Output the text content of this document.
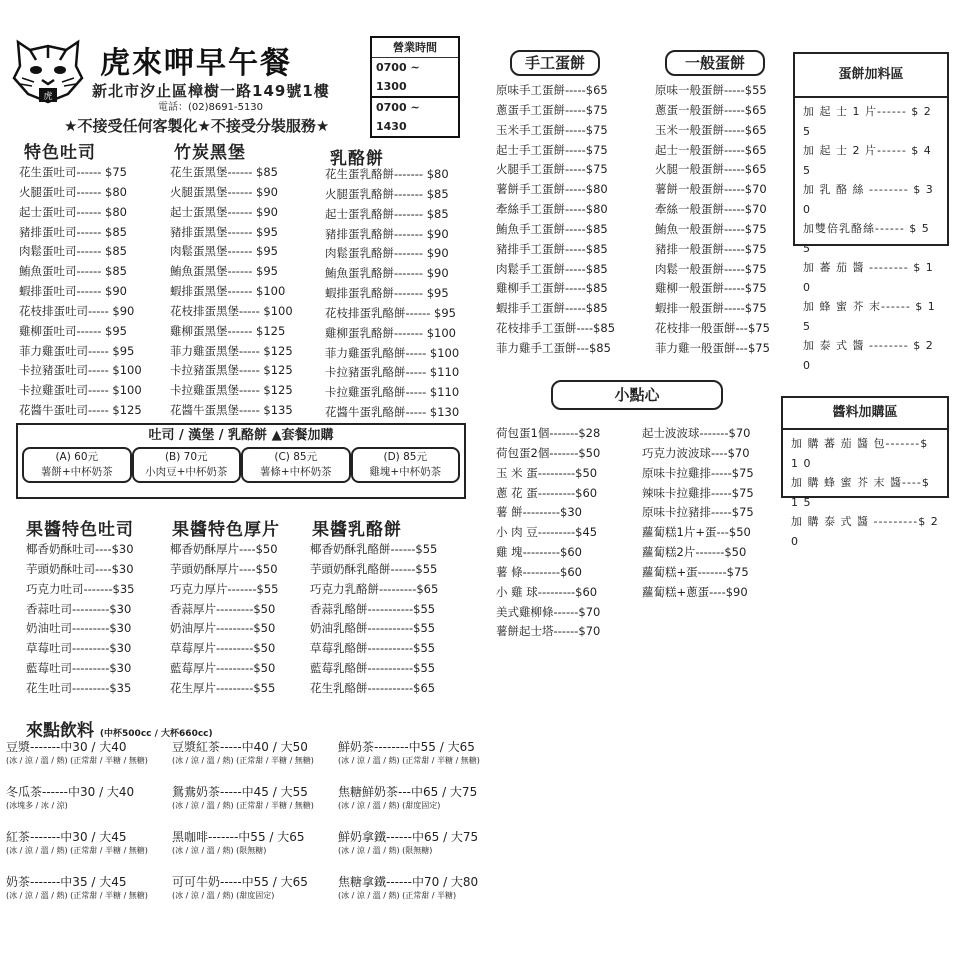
虎
虎來呷早午餐
新北市汐止區樟樹一路149號1樓
電話：(02)8691-5130
營業時間
0700 ~ 1300
0700 ~ 1430
★不接受任何客製化★不接受分裝服務★
特色吐司
花生蛋吐司------ $75
火腿蛋吐司------ $80
起士蛋吐司------ $80
豬排蛋吐司------ $85
肉鬆蛋吐司------ $85
鮪魚蛋吐司------ $85
蝦排蛋吐司------ $90
花枝排蛋吐司----- $90
雞柳蛋吐司------ $95
菲力雞蛋吐司----- $95
卡拉豬蛋吐司----- $100
卡拉雞蛋吐司----- $100
花醬牛蛋吐司----- $125
竹炭黑堡
花生蛋黑堡------ $85
火腿蛋黑堡------ $90
起士蛋黑堡------ $90
豬排蛋黑堡------ $95
肉鬆蛋黑堡------ $95
鮪魚蛋黑堡------ $95
蝦排蛋黑堡------ $100
花枝排蛋黑堡----- $100
雞柳蛋黑堡------ $125
菲力雞蛋黑堡----- $125
卡拉豬蛋黑堡----- $125
卡拉雞蛋黑堡----- $125
花醬牛蛋黑堡----- $135
乳酪餅
花生蛋乳酪餅------- $80
火腿蛋乳酪餅------- $85
起士蛋乳酪餅------- $85
豬排蛋乳酪餅------- $90
肉鬆蛋乳酪餅------- $90
鮪魚蛋乳酪餅------- $90
蝦排蛋乳酪餅------- $95
花枝排蛋乳酪餅------ $95
雞柳蛋乳酪餅------- $100
菲力雞蛋乳酪餅----- $100
卡拉豬蛋乳酪餅----- $110
卡拉雞蛋乳酪餅----- $110
花醬牛蛋乳酪餅----- $130
吐司 / 漢堡 / 乳酪餅 ▲套餐加購
(A) 60元
薯餅+中杯奶茶
(B) 70元
小肉豆+中杯奶茶
(C) 85元
薯條+中杯奶茶
(D) 85元
雞塊+中杯奶茶
果醬特色吐司
椰香奶酥吐司----$30
芋頭奶酥吐司----$30
巧克力吐司-------$35
香蒜吐司---------$30
奶油吐司---------$30
草莓吐司---------$30
藍莓吐司---------$30
花生吐司---------$35
果醬特色厚片
椰香奶酥厚片----$50
芋頭奶酥厚片----$50
巧克力厚片-------$55
香蒜厚片---------$50
奶油厚片---------$50
草莓厚片---------$50
藍莓厚片---------$50
花生厚片---------$55
果醬乳酪餅
椰香奶酥乳酪餅------$55
芋頭奶酥乳酪餅------$55
巧克力乳酪餅---------$65
香蒜乳酪餅-----------$55
奶油乳酪餅-----------$55
草莓乳酪餅-----------$55
藍莓乳酪餅-----------$55
花生乳酪餅-----------$65
來點飲料 (中杯500cc / 大杯660cc)
豆漿-------中30 / 大40
(冰 / 涼 / 溫 / 熱) (正常甜 / 半糖 / 無糖)
豆漿紅茶-----中40 / 大50
(冰 / 涼 / 溫 / 熱) (正常甜 / 半糖 / 無糖)
鮮奶茶--------中55 / 大65
(冰 / 涼 / 溫 / 熱) (正常甜 / 半糖 / 無糖)
冬瓜茶------中30 / 大40
(冰塊多 / 冰 / 涼)
鴛鴦奶茶-----中45 / 大55
(冰 / 涼 / 溫 / 熱) (正常甜 / 半糖 / 無糖)
焦糖鮮奶茶---中65 / 大75
(冰 / 涼 / 溫 / 熱) (甜度固定)
紅茶-------中30 / 大45
(冰 / 涼 / 溫 / 熱) (正常甜 / 半糖 / 無糖)
黑咖啡-------中55 / 大65
(冰 / 涼 / 溫 / 熱) (限無糖)
鮮奶拿鐵------中65 / 大75
(冰 / 涼 / 溫 / 熱) (限無糖)
奶茶-------中35 / 大45
(冰 / 涼 / 溫 / 熱) (正常甜 / 半糖 / 無糖)
可可牛奶-----中55 / 大65
(冰 / 涼 / 溫 / 熱) (甜度固定)
焦糖拿鐵------中70 / 大80
(冰 / 涼 / 溫 / 熱) (正常甜 / 半糖)
手工蛋餅
原味手工蛋餅-----$65
蔥蛋手工蛋餅-----$75
玉米手工蛋餅-----$75
起士手工蛋餅-----$75
火腿手工蛋餅-----$75
薯餅手工蛋餅-----$80
牽絲手工蛋餅-----$80
鮪魚手工蛋餅-----$85
豬排手工蛋餅-----$85
肉鬆手工蛋餅-----$85
雞柳手工蛋餅-----$85
蝦排手工蛋餅-----$85
花枝排手工蛋餅----$85
菲力雞手工蛋餅---$85
一般蛋餅
原味一般蛋餅-----$55
蔥蛋一般蛋餅-----$65
玉米一般蛋餅-----$65
起士一般蛋餅-----$65
火腿一般蛋餅-----$65
薯餅一般蛋餅-----$70
牽絲一般蛋餅-----$70
鮪魚一般蛋餅-----$75
豬排一般蛋餅-----$75
肉鬆一般蛋餅-----$75
雞柳一般蛋餅-----$75
蝦排一般蛋餅-----$75
花枝排一般蛋餅---$75
菲力雞一般蛋餅---$75
蛋餅加料區
加 起 士 1 片------ $ 2 5
加 起 士 2 片------ $ 4 5
加 乳 酪 絲 -------- $ 3 0
加雙倍乳酪絲------ $ 5 5
加 蕃 茄 醬 -------- $ 1 0
加 蜂 蜜 芥 末------ $ 1 5
加 泰 式 醬 -------- $ 2 0
小點心
荷包蛋1個-------$28
荷包蛋2個-------$50
玉 米 蛋---------$50
蔥 花 蛋---------$60
薯 餅---------$30
小 肉 豆---------$45
雞 塊---------$60
薯 條---------$60
小 雞 球---------$60
美式雞柳條------$70
薯餅起士塔------$70
起士波波球-------$70
巧克力波波球----$70
原味卡拉雞排-----$75
辣味卡拉雞排-----$75
原味卡拉豬排-----$75
蘿蔔糕1片+蛋---$50
蘿蔔糕2片-------$50
蘿蔔糕+蛋-------$75
蘿蔔糕+蔥蛋----$90
醬料加購區
加 購 蕃 茄 醬 包-------$ 1 0
加 購 蜂 蜜 芥 末 醬----$ 1 5
加 購 泰 式 醬 ---------$ 2 0
